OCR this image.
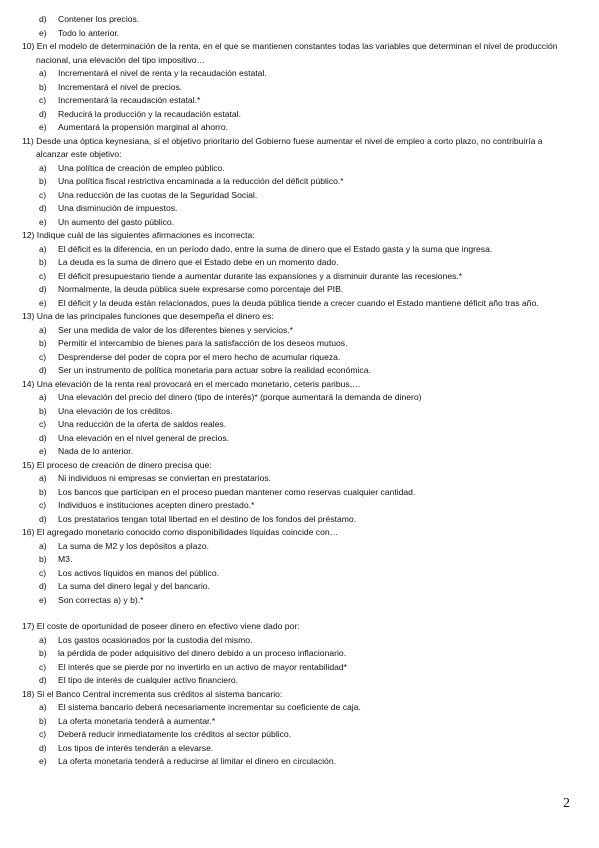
d) Contener los precios.
e) Todo lo anterior.
10) En el modelo de determinación de la renta, en el que se mantienen constantes todas las variables que determinan el nivel de producción nacional, una elevación del tipo impositivo…
a) Incrementará el nivel de renta y la recaudación estatal.
b) Incrementará el nivel de precios.
c) Incrementará la recaudación estatal.*
d) Reducirá la producción y la recaudación estatal.
e) Aumentará la propensión marginal al ahorro.
11) Desde una óptica keynesiana, si el objetivo prioritario del Gobierno fuese aumentar el nivel de empleo a corto plazo, no contribuiría a alcanzar este objetivo:
a) Una política de creación de empleo público.
b) Una política fiscal restrictiva encaminada a la reducción del déficit público.*
c) Una reducción de las cuotas de la Seguridad Social.
d) Una disminución de impuestos.
e) Un aumento del gasto público.
12) Indique cuál de las siguientes afirmaciones es incorrecta:
a) El déficit es la diferencia, en un período dado, entre la suma de dinero que el Estado gasta y la suma que ingresa.
b) La deuda es la suma de dinero que el Estado debe en un momento dado.
c) El déficit presupuestario tiende a aumentar durante las expansiones y a disminuir durante las recesiones.*
d) Normalmente, la deuda pública suele expresarse como porcentaje del PIB.
e) El déficit y la deuda están relacionados, pues la deuda pública tiende a crecer cuando el Estado mantiene déficit año tras año.
13) Una de las principales funciones que desempeña el dinero es:
a) Ser una medida de valor de los diferentes bienes y servicios.*
b) Permitir el intercambio de bienes para la satisfacción de los deseos mutuos.
c) Desprenderse del poder de copra por el mero hecho de acumular riqueza.
d) Ser un instrumento de política monetaria para actuar sobre la realidad económica.
14) Una elevación de la renta real provocará en el mercado monetario, ceteris paribus,…
a) Una elevación del precio del dinero (tipo de interés)* (porque aumentará la demanda de dinero)
b) Una elevación de los créditos.
c) Una reducción de la oferta de saldos reales.
d) Una elevación en el nivel general de precios.
e) Nada de lo anterior.
15) El proceso de creación de dinero precisa que:
a) Ni individuos ni empresas se conviertan en prestatarios.
b) Los bancos que participan en el proceso puedan mantener como reservas cualquier cantidad.
c) Individuos e instituciones acepten dinero prestado.*
d) Los prestatarios tengan total libertad en el destino de los fondos del préstamo.
16) El agregado monetario conocido como disponibilidades líquidas coincide con…
a) La suma de M2 y los depósitos a plazo.
b) M3.
c) Los activos líquidos en manos del público.
d) La suma del dinero legal y del bancario.
e) Son correctas a) y b).*
17) El coste de oportunidad de poseer dinero en efectivo viene dado por:
a) Los gastos ocasionados por la custodia del mismo.
b) la pérdida de poder adquisitivo del dinero debido a un proceso inflacionario.
c) El interés que se pierde por no invertirlo en un activo de mayor rentabilidad*
d) El tipo de interés de cualquier activo financiero.
18) Si el Banco Central incrementa sus créditos al sistema bancario:
a) El sistema bancario deberá necesariamente incrementar su coeficiente de caja.
b) La oferta monetaria tenderá a aumentar.*
c) Deberá reducir inmediatamente los créditos al sector público.
d) Los tipos de interés tenderán a elevarse.
e) La oferta monetaria tenderá a reducirse al limitar el dinero en circulación.
2
